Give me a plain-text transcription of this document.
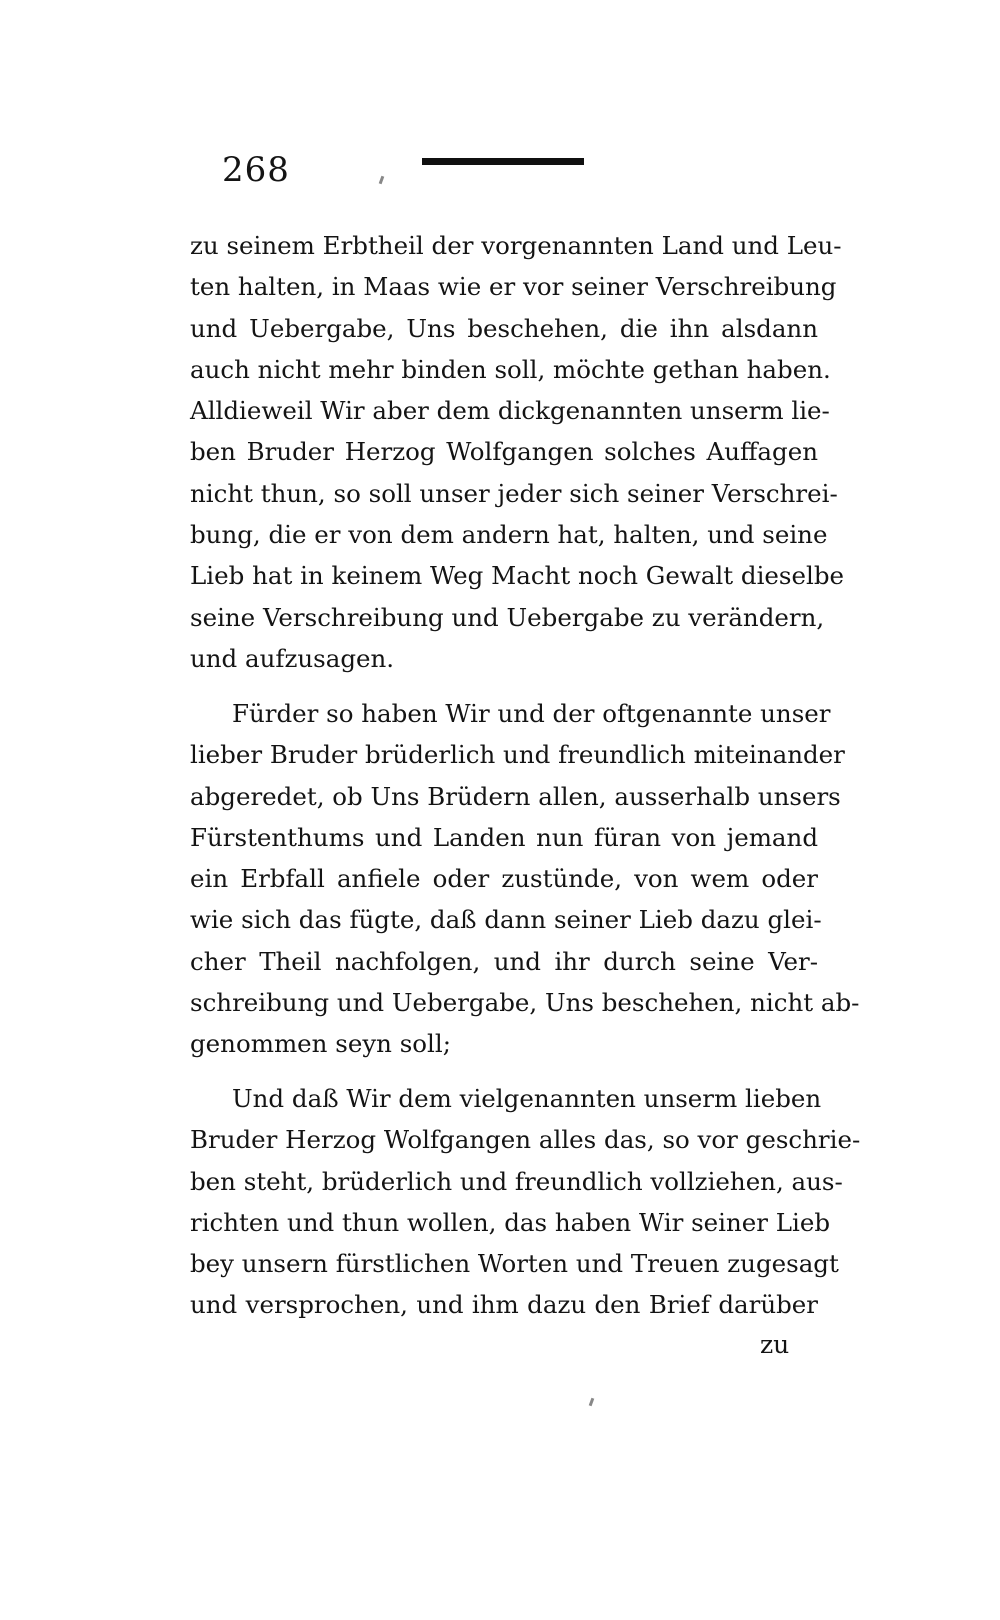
268
zu seinem Erbtheil der vorgenannten Land und Leu-
ten halten, in Maas wie er vor seiner Verschreibung
und Uebergabe, Uns beschehen, die ihn alsdann
auch nicht mehr binden soll, möchte gethan haben.
Alldieweil Wir aber dem dickgenannten unserm lie-
ben Bruder Herzog Wolfgangen solches Auffagen
nicht thun, so soll unser jeder sich seiner Verschrei-
bung, die er von dem andern hat, halten, und seine
Lieb hat in keinem Weg Macht noch Gewalt dieselbe
seine Verschreibung und Uebergabe zu verändern,
und aufzusagen.
Fürder so haben Wir und der oftgenannte unser
lieber Bruder brüderlich und freundlich miteinander
abgeredet, ob Uns Brüdern allen, ausserhalb unsers
Fürstenthums und Landen nun füran von jemand
ein Erbfall anfiele oder zustünde, von wem oder
wie sich das fügte, daß dann seiner Lieb dazu glei-
cher Theil nachfolgen, und ihr durch seine Ver-
schreibung und Uebergabe, Uns beschehen, nicht ab-
genommen seyn soll;
Und daß Wir dem vielgenannten unserm lieben
Bruder Herzog Wolfgangen alles das, so vor geschrie-
ben steht, brüderlich und freundlich vollziehen, aus-
richten und thun wollen, das haben Wir seiner Lieb
bey unsern fürstlichen Worten und Treuen zugesagt
und versprochen, und ihm dazu den Brief darüber
zu
